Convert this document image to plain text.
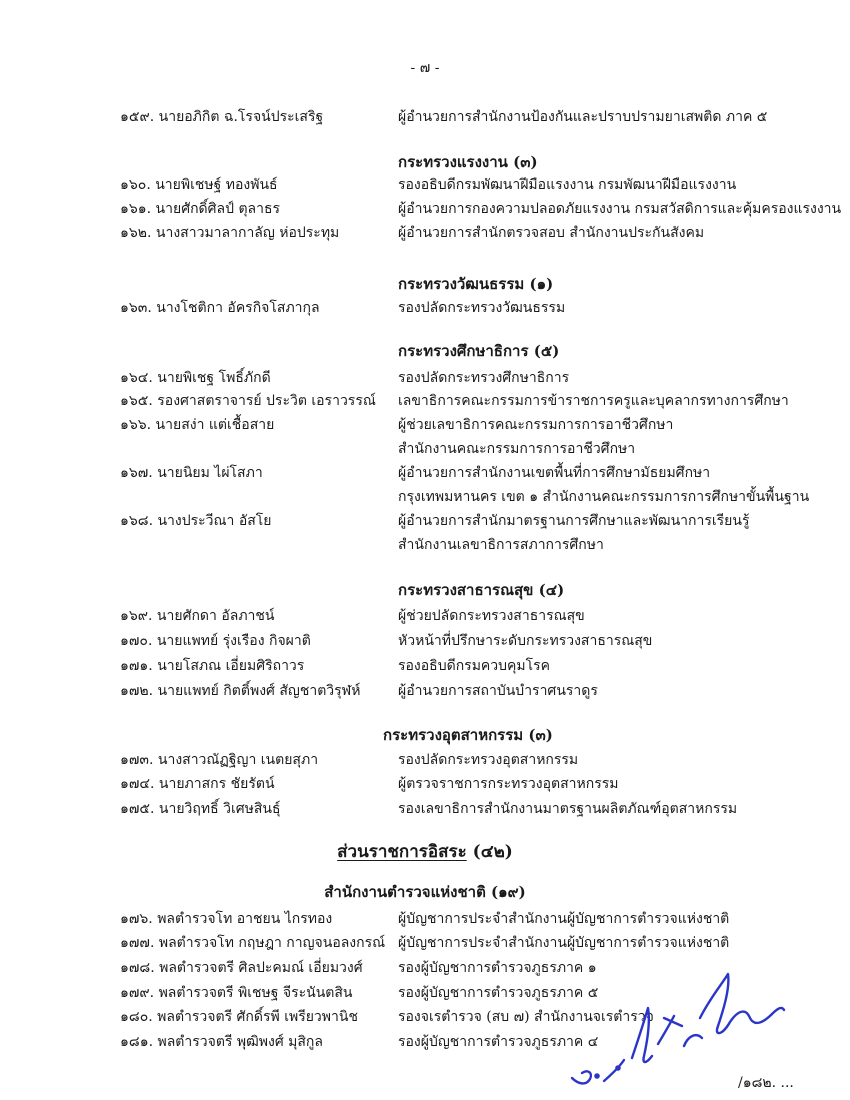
- ๗ -
๑๕๙. นายอภิกิต ฉ.โรจน์ประเสริฐ	ผู้อำนวยการสำนักงานป้องกันและปราบปรามยาเสพติด ภาค ๕
กระทรวงแรงงาน (๓)
๑๖๐. นายพิเชษฐ์ ทองพันธ์	รองอธิบดีกรมพัฒนาฝีมือแรงงาน กรมพัฒนาฝีมือแรงงาน
๑๖๑. นายศักดิ์ศิลป์ ตุลาธร	ผู้อำนวยการกองความปลอดภัยแรงงาน กรมสวัสดิการและคุ้มครองแรงงาน
๑๖๒. นางสาวมาลากาลัญ ห่อประทุม	ผู้อำนวยการสำนักตรวจสอบ สำนักงานประกันสังคม
กระทรวงวัฒนธรรม (๑)
๑๖๓. นางโชติกา อัครกิจโสภากุล	รองปลัดกระทรวงวัฒนธรรม
กระทรวงศึกษาธิการ (๕)
๑๖๔. นายพิเชฐ โพธิ์ภักดี	รองปลัดกระทรวงศึกษาธิการ
๑๖๕. รองศาสตราจารย์ ประวิต เอราวรรณ์ เลขาธิการคณะกรรมการข้าราชการครูและบุคลากรทางการศึกษา
๑๖๖. นายสง่า แต่เชื้อสาย	ผู้ช่วยเลขาธิการคณะกรรมการการอาชีวศึกษา
สำนักงานคณะกรรมการการอาชีวศึกษา
๑๖๗. นายนิยม ไผ่โสภา	ผู้อำนวยการสำนักงานเขตพื้นที่การศึกษามัธยมศึกษา
กรุงเทพมหานคร เขต ๑ สำนักงานคณะกรรมการการศึกษาขั้นพื้นฐาน
๑๖๘. นางประวีณา อัสโย	ผู้อำนวยการสำนักมาตรฐานการศึกษาและพัฒนาการเรียนรู้
สำนักงานเลขาธิการสภาการศึกษา
กระทรวงสาธารณสุข (๔)
๑๖๙. นายศักดา อัลภาชน์	ผู้ช่วยปลัดกระทรวงสาธารณสุข
๑๗๐. นายแพทย์ รุ่งเรือง กิจผาติ	หัวหน้าที่ปรึกษาระดับกระทรวงสาธารณสุข
๑๗๑. นายโสภณ เอี่ยมศิริถาวร	รองอธิบดีกรมควบคุมโรค
๑๗๒. นายแพทย์ กิตติ์พงศ์ สัญชาตวิรุฬห์	ผู้อำนวยการสถาบันบำราศนราดูร
กระทรวงอุตสาหกรรม (๓)
๑๗๓. นางสาวณัฏฐิญา เนตยสุภา	รองปลัดกระทรวงอุตสาหกรรม
๑๗๔. นายภาสกร ชัยรัตน์	ผู้ตรวจราชการกระทรวงอุตสาหกรรม
๑๗๕. นายวิฤทธิ์ วิเศษสินธุ์	รองเลขาธิการสำนักงานมาตรฐานผลิตภัณฑ์อุตสาหกรรม
ส่วนราชการอิสระ (๔๒)
สำนักงานตำรวจแห่งชาติ (๑๙)
๑๗๖. พลตำรวจโท อาชยน ไกรทอง	ผู้บัญชาการประจำสำนักงานผู้บัญชาการตำรวจแห่งชาติ
๑๗๗. พลตำรวจโท กฤษฎา กาญจนอลงกรณ์ ผู้บัญชาการประจำสำนักงานผู้บัญชาการตำรวจแห่งชาติ
๑๗๘. พลตำรวจตรี ศิลปะคมณ์ เอี่ยมวงศ์	รองผู้บัญชาการตำรวจภูธรภาค ๑
๑๗๙. พลตำรวจตรี พิเชษฐ จีระนันตสิน	รองผู้บัญชาการตำรวจภูธรภาค ๕
๑๘๐. พลตำรวจตรี ศักดิ์รพี เพรียวพานิช	รองจเรตำรวจ (สบ ๗) สำนักงานจเรตำรวจ
๑๘๑. พลตำรวจตรี พุฒิพงศ์ มุสิกูล	รองผู้บัญชาการตำรวจภูธรภาค ๔
/๑๘๒. ...
